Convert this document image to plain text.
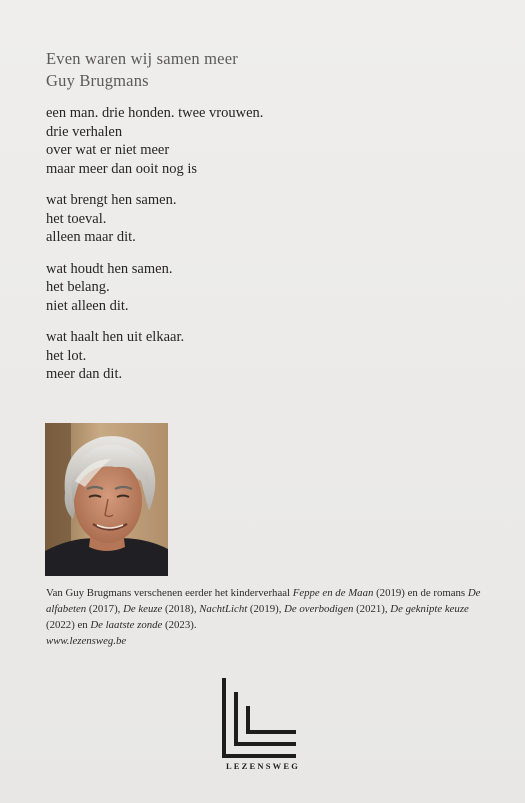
Even waren wij samen meer
Guy Brugmans
een man. drie honden. twee vrouwen.
drie verhalen
over wat er niet meer
maar meer dan ooit nog is
wat brengt hen samen.
het toeval.
alleen maar dit.
wat houdt hen samen.
het belang.
niet alleen dit.
wat haalt hen uit elkaar.
het lot.
meer dan dit.
Van Guy Brugmans verschenen eerder het kinderverhaal Feppe en de Maan (2019) en de romans De alfabeten (2017), De keuze (2018), NachtLicht (2019), De overbodigen (2021), De geknipte keuze (2022) en De laatste zonde (2023).
www.lezensweg.be
LEZENSWEG
